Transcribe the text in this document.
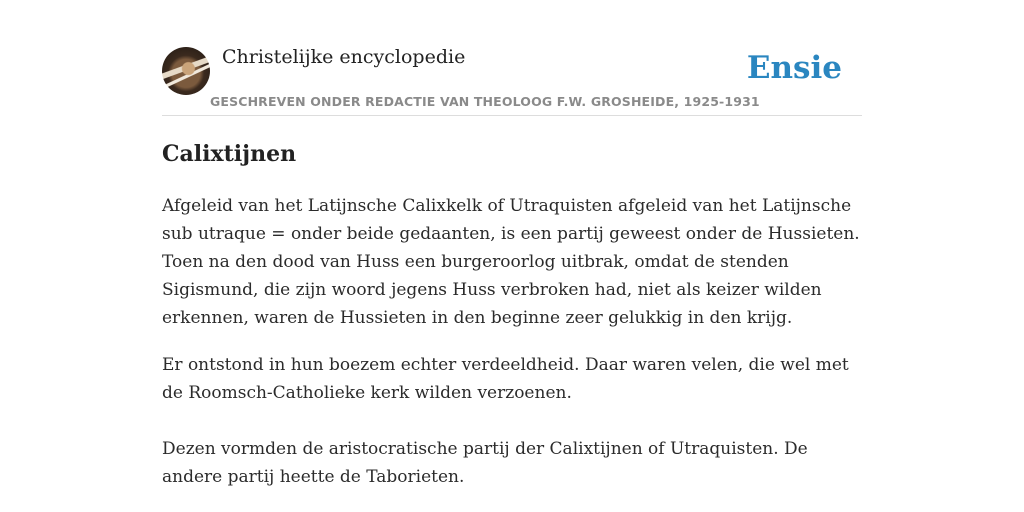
Christelijke encyclopedie
GESCHREVEN ONDER REDACTIE VAN THEOLOOG F.W. GROSHEIDE, 1925-1931
Ensie
Calixtijnen

Afgeleid van het Latijnsche Calixkelk of Utraquisten afgeleid van het Latijnsche sub utraque = onder beide gedaanten, is een partij geweest onder de Hussieten. Toen na den dood van Huss een burgeroorlog uitbrak, omdat de stenden Sigismund, die zijn woord jegens Huss verbroken had, niet als keizer wilden erkennen, waren de Hussieten in den beginne zeer gelukkig in den krijg.

Er ontstond in hun boezem echter verdeeldheid. Daar waren velen, die wel met de Roomsch-Catholieke kerk wilden verzoenen.

Dezen vormden de aristocratische partij der Calixtijnen of Utraquisten. De andere partij heette de Taborieten.
